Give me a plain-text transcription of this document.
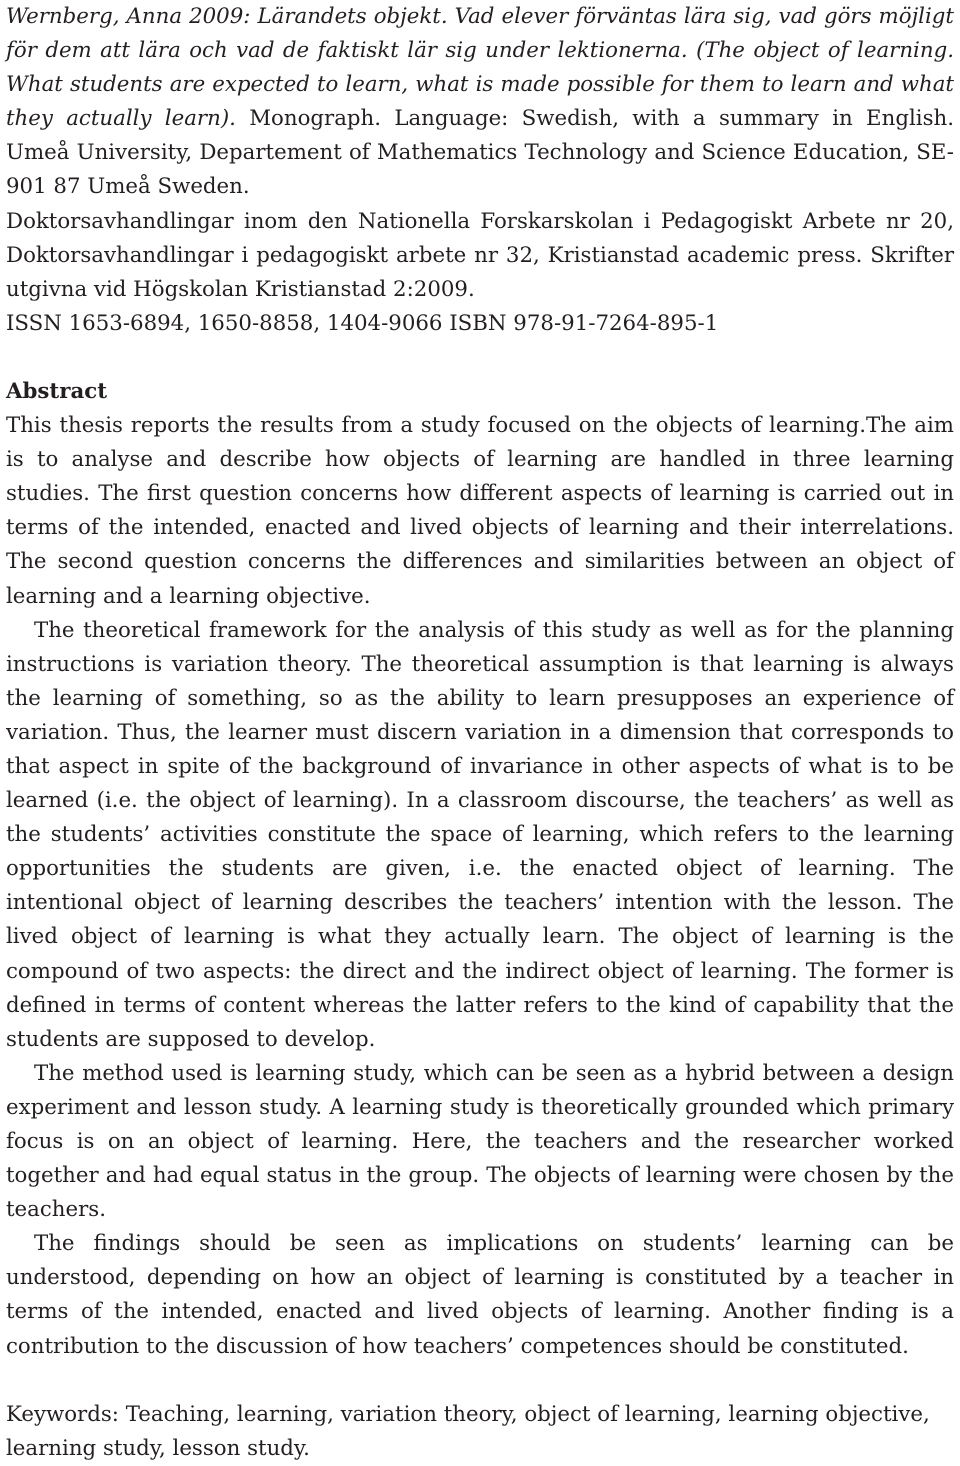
Wernberg, Anna 2009: Lärandets objekt. Vad elever förväntas lära sig, vad görs möjligt för dem att lära och vad de faktiskt lär sig under lektionerna. (The object of learning. What students are expected to learn, what is made possible for them to learn and what they actually learn). Monograph. Language: Swedish, with a summary in English. Umeå University, Departement of Mathematics Technology and Science Education, SE-901 87 Umeå Sweden.

Doktorsavhandlingar inom den Nationella Forskarskolan i Pedagogiskt Arbete nr 20, Doktorsavhandlingar i pedagogiskt arbete nr 32, Kristianstad academic press. Skrifter utgivna vid Högskolan Kristianstad 2:2009.

ISSN 1653-6894, 1650-8858, 1404-9066 ISBN 978-91-7264-895-1

Abstract

This thesis reports the results from a study focused on the objects of learning.The aim is to analyse and describe how objects of learning are handled in three learning studies. The first question concerns how different aspects of learning is carried out in terms of the intended, enacted and lived objects of learning and their interrelations. The second question concerns the differences and similarities between an object of learning and a learning objective.

The theoretical framework for the analysis of this study as well as for the planning instructions is variation theory. The theoretical assumption is that learning is always the learning of something, so as the ability to learn presupposes an experience of variation. Thus, the learner must discern variation in a dimension that corresponds to that aspect in spite of the background of invariance in other aspects of what is to be learned (i.e. the object of learning). In a classroom discourse, the teachers’ as well as the students’ activities constitute the space of learning, which refers to the learning opportunities the students are given, i.e. the enacted object of learning. The intentional object of learning describes the teachers’ intention with the lesson. The lived object of learning is what they actually learn. The object of learning is the compound of two aspects: the direct and the indirect object of learning. The former is defined in terms of content whereas the latter refers to the kind of capability that the students are supposed to develop.

The method used is learning study, which can be seen as a hybrid between a design experiment and lesson study. A learning study is theoretically grounded which primary focus is on an object of learning. Here, the teachers and the researcher worked together and had equal status in the group. The objects of learning were chosen by the teachers.

The findings should be seen as implications on students’ learning can be understood, depending on how an object of learning is constituted by a teacher in terms of the intended, enacted and lived objects of learning. Another finding is a contribution to the discussion of how teachers’ competences should be constituted.

Keywords: Teaching, learning, variation theory, object of learning, learning objective, learning study, lesson study.
